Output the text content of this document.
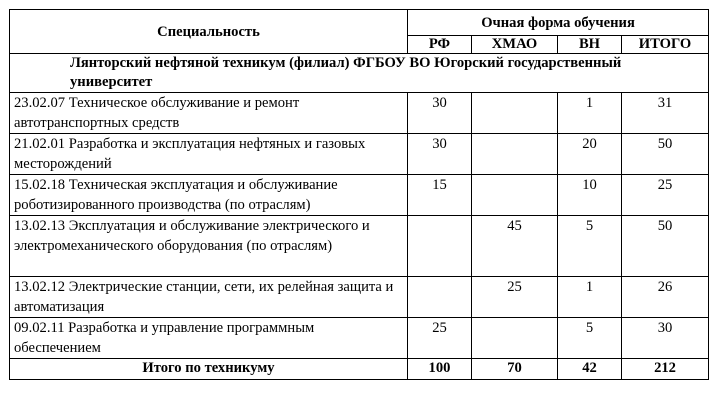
Специальность	Очная форма обучения			
	РФ	ХМАО	ВН	ИТОГО
Лянторский нефтяной техникум (филиал) ФГБОУ ВО Югорский государственный университет				
23.02.07 Техническое обслуживание и ремонт автотранспортных средств	30		1	31
21.02.01 Разработка и эксплуатация нефтяных и газовых месторождений	30		20	50
15.02.18 Техническая эксплуатация и обслуживание роботизированного производства (по отраслям)	15		10	25
13.02.13 Эксплуатация и обслуживание электрического и электромеханического оборудования (по отраслям)		45	5	50
13.02.12 Электрические станции, сети, их релейная защита и автоматизация		25	1	26
09.02.11 Разработка и управление программным обеспечением	25		5	30
Итого по техникуму	100	70	42	212
